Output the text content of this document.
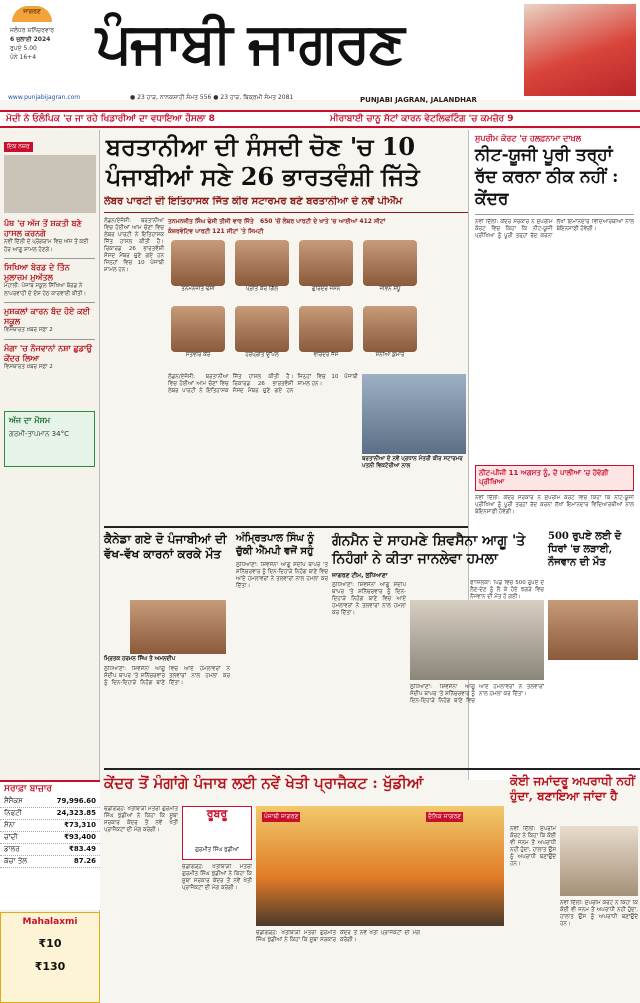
ਜਾਗਰਣ
ਜਲੰਧਰ ਸ਼ਨਿੱਚਰਵਾਰ
6 ਜੁਲਾਈ 2024
ਰੁਪਏ 5.00
ਪੰਨੇ 16+4	ਪੰਜਾਬੀ ਜਾਗਰਣ
www.punjabijagran.com	● 23 ਹਾੜ, ਨਾਨਕਸ਼ਾਹੀ ਸੰਮਤ 556 ● 23 ਹਾੜ, ਬਿਕ੍ਰਮੀ ਸੰਮਤ 2081	PUNJABI JAGRAN, JALANDHAR
ਮੋਦੀ ਨੇ ਓਲੰਪਿਕ 'ਚ ਜਾ ਰਹੇ ਖਿਡਾਰੀਆਂ ਦਾ ਵਧਾਇਆ ਹੌਸਲਾ 8	ਮੀਰਾਬਾਈ ਚਾਨੂ ਸੱਟਾਂ ਕਾਰਨ ਵੇਟਲਿਫਟਿੰਗ 'ਚ ਕਮਜ਼ੋਰ 9
ਇਕ ਨਜ਼ਰ
ਪੰਥ 'ਚ ਅੱਜ ਤੋਂ ਸ਼ਕਤੀ ਬਣੇ ਹਾਸਲ ਕਰਨਗੇ
ਨਵੀਂ ਦਿੱਲੀ ਦੇ ਪ੍ਰੋਗਰਾਮ ਵਿਚ ਅੱਜ ਤੋਂ ਕਈ ਹੋਰ ਆਗੂ ਸ਼ਾਮਲ ਹੋਣਗੇ।
ਸਿਖਿਆ ਬੋਰਡ ਦੇ ਤਿੰਨ ਮੁਲਾਜ਼ਮ ਮੁਅੱਤਲ
ਮੋਹਾਲੀ: ਪੰਜਾਬ ਸਕੂਲ ਸਿੱਖਿਆ ਬੋਰਡ ਨੇ ਲਾਪਰਵਾਹੀ ਦੇ ਦੋਸ਼ ਹੇਠ ਕਾਰਵਾਈ ਕੀਤੀ।
ਮੁਸ਼ਕਲਾਂ ਕਾਰਨ ਬੰਦ ਹੋਏ ਕਈ ਸਕੂਲ
ਵਿਸਥਾਰਤ ਖ਼ਬਰ ਸਫ਼ਾ 2
ਮੰਗਾ 'ਚ ਨੌਜਵਾਨਾਂ ਨਸ਼ਾ ਛੁਡਾਉ ਕੇਂਦਰ ਲਿਆ
ਵਿਸਥਾਰਤ ਖ਼ਬਰ ਸਫ਼ਾ 2
ਅੱਜ ਦਾ ਮੌਸਮ
ਗਰਮੀ-ਤਾਪਮਾਨ 34°C
ਸਰਾਫ਼ਾ ਬਾਜ਼ਾਰ
ਸੈਂਸੈਕਸ	79,996.60
ਨਿਫਟੀ	24,323.85
ਸੋਨਾ	₹73,310
ਚਾਂਦੀ	₹93,400
ਡਾਲਰ	₹83.49
ਕੱਚਾ ਤੇਲ	87.26
Mahalaxmi
₹10
₹130
ਬਰਤਾਨੀਆ ਦੀ ਸੰਸਦੀ ਚੋਣ 'ਚ 10
ਪੰਜਾਬੀਆਂ ਸਣੇ 26 ਭਾਰਤਵੰਸ਼ੀ ਜਿੱਤੇ
ਲੇਬਰ ਪਾਰਟੀ ਦੀ ਇਤਿਹਾਸਕ ਜਿੱਤ ਕੀਰ ਸਟਾਰਮਰ ਬਣੇ ਬਰਤਾਨੀਆ ਦੇ ਨਵੇਂ ਪੀਐੱਮ
ਲੰਡਨ/ਏਜੰਸੀ: ਬਰਤਾਨੀਆ ਵਿਚ ਹੋਈਆਂ ਆਮ ਚੋਣਾਂ ਵਿਚ ਲੇਬਰ ਪਾਰਟੀ ਨੇ ਇਤਿਹਾਸਕ ਜਿੱਤ ਹਾਸਲ ਕੀਤੀ ਹੈ। ਰਿਕਾਰਡ 26 ਭਾਰਤਵੰਸ਼ੀ ਸੰਸਦ ਮੈਂਬਰ ਚੁਣੇ ਗਏ ਹਨ ਜਿਨ੍ਹਾਂ ਵਿਚ 10 ਪੰਜਾਬੀ ਸ਼ਾਮਲ ਹਨ।
ਤਨਮਨਜੀਤ ਸਿੰਘ ਢੇਸੀ ਤੀਜੀ ਵਾਰ ਜਿੱਤੇ 650 'ਚੋਂ ਲੇਬਰ ਪਾਰਟੀ ਦੇ ਖਾਤੇ 'ਚ ਆਈਆਂ 412 ਸੀਟਾਂ
ਕੰਜ਼ਰਵੇਟਿਵ ਪਾਰਟੀ 121 ਸੀਟਾਂ 'ਤੇ ਸਿਮਟੀ
ਤਨਮਨਜੀਤ ਢੇਸੀ	ਪ੍ਰੀਤ ਕੌਰ ਗਿੱਲ	ਗੁਰਿੰਦਰ ਜੋਸਨ	ਜੀਵਨ ਸੰਧੂ
ਸਤਵੀਰ ਕੌਰ	ਹਰਪ੍ਰੀਤ ਉੱਪਲ	ਵਰਿੰਦਰ ਜੱਸ	ਸੋਨੀਆ ਕੁਮਾਰ
ਲੰਡਨ/ਏਜੰਸੀ: ਬਰਤਾਨੀਆ ਵਿਚ ਹੋਈਆਂ ਆਮ ਚੋਣਾਂ ਵਿਚ ਲੇਬਰ ਪਾਰਟੀ ਨੇ ਇਤਿਹਾਸਕ ਜਿੱਤ ਹਾਸਲ ਕੀਤੀ ਹੈ। ਰਿਕਾਰਡ 26 ਭਾਰਤਵੰਸ਼ੀ ਸੰਸਦ ਮੈਂਬਰ ਚੁਣੇ ਗਏ ਹਨ ਜਿਨ੍ਹਾਂ ਵਿਚ 10 ਪੰਜਾਬੀ ਸ਼ਾਮਲ ਹਨ।
ਬਰਤਾਨੀਆ ਦੇ ਨਵੇਂ ਪ੍ਰਧਾਨ ਮੰਤਰੀ ਕੀਰ ਸਟਾਰਮਰ ਪਤਨੀ ਵਿਕਟੋਰੀਆ ਨਾਲ
ਸੁਪਰੀਮ ਕੋਰਟ 'ਚ ਹਲਫ਼ਨਾਮਾ ਦਾਖ਼ਲ
ਨੀਟ-ਯੂਜੀ ਪੂਰੀ ਤਰ੍ਹਾਂ ਰੱਦ ਕਰਨਾ ਠੀਕ ਨਹੀਂ : ਕੇਂਦਰ
ਨਵੀਂ ਦਿੱਲੀ: ਕੇਂਦਰ ਸਰਕਾਰ ਨੇ ਸੁਪਰੀਮ ਕੋਰਟ ਵਿਚ ਕਿਹਾ ਕਿ ਨੀਟ-ਯੂਜੀ ਪ੍ਰੀਖਿਆ ਨੂੰ ਪੂਰੀ ਤਰ੍ਹਾਂ ਰੱਦ ਕਰਨਾ ਲੱਖਾਂ ਇਮਾਨਦਾਰ ਵਿਦਿਆਰਥੀਆਂ ਨਾਲ ਬੇਇਨਸਾਫ਼ੀ ਹੋਵੇਗੀ।
ਨੀਟ-ਪੀਜੀ 11 ਅਗਸਤ ਨੂੰ, ਦੋ ਪਾਲੀਆਂ 'ਚ ਹੋਵੇਗੀ ਪ੍ਰੀਖਿਆ
ਨਵੀਂ ਦਿੱਲੀ: ਕੇਂਦਰ ਸਰਕਾਰ ਨੇ ਸੁਪਰੀਮ ਕੋਰਟ ਵਿਚ ਕਿਹਾ ਕਿ ਨੀਟ-ਯੂਜੀ ਪ੍ਰੀਖਿਆ ਨੂੰ ਪੂਰੀ ਤਰ੍ਹਾਂ ਰੱਦ ਕਰਨਾ ਲੱਖਾਂ ਇਮਾਨਦਾਰ ਵਿਦਿਆਰਥੀਆਂ ਨਾਲ ਬੇਇਨਸਾਫ਼ੀ ਹੋਵੇਗੀ।
500 ਰੁਪਏ ਲਈ ਦੋ ਧਿਰਾਂ 'ਚ ਲੜਾਈ, ਨੌਜਵਾਨ ਦੀ ਮੌਤ
ਫਾਜ਼ਿਲਕਾ: ਪਿੰਡ ਵਿਚ 500 ਰੁਪਏ ਦੇ ਲੈਣ-ਦੇਣ ਨੂੰ ਲੈ ਕੇ ਹੋਏ ਝਗੜੇ ਵਿਚ ਨੌਜਵਾਨ ਦੀ ਮੌਤ ਹੋ ਗਈ।
ਕੈਨੇਡਾ ਗਏ ਦੋ ਪੰਜਾਬੀਆਂ ਦੀ ਵੱਖ-ਵੱਖ ਕਾਰਨਾਂ ਕਰਕੇ ਮੌਤ
ਮ੍ਰਿਤਕ ਹਰਮਨ ਸਿੰਘ ਤੇ ਅਮਨਦੀਪ
ਲੁਧਿਆਣਾ: ਸ਼ਿਵਸੈਨਾ ਆਗੂ ਸੰਦੀਪ ਥਾਪਰ 'ਤੇ ਸ਼ਨਿੱਚਰਵਾਰ ਨੂੰ ਦਿਨ-ਦਿਹਾੜੇ ਨਿਹੰਗ ਬਾਣੇ ਵਿਚ ਆਏ ਹਮਲਾਵਰਾਂ ਨੇ ਤਲਵਾਰਾਂ ਨਾਲ ਹਮਲਾ ਕਰ ਦਿੱਤਾ।
ਅੰਮ੍ਰਿਤਪਾਲ ਸਿੰਘ ਨੂੰ ਚੁੱਕੀ ਐੱਮਪੀ ਵਜੋਂ ਸਹੁੰ
ਲੁਧਿਆਣਾ: ਸ਼ਿਵਸੈਨਾ ਆਗੂ ਸੰਦੀਪ ਥਾਪਰ 'ਤੇ ਸ਼ਨਿੱਚਰਵਾਰ ਨੂੰ ਦਿਨ-ਦਿਹਾੜੇ ਨਿਹੰਗ ਬਾਣੇ ਵਿਚ ਆਏ ਹਮਲਾਵਰਾਂ ਨੇ ਤਲਵਾਰਾਂ ਨਾਲ ਹਮਲਾ ਕਰ ਦਿੱਤਾ।
ਗੰਨਮੈਨ ਦੇ ਸਾਹਮਣੇ ਸ਼ਿਵਸੈਨਾ ਆਗੂ 'ਤੇ ਨਿਹੰਗਾਂ ਨੇ ਕੀਤਾ ਜਾਨਲੇਵਾ ਹਮਲਾ
ਜਾਗਰਣ ਟੀਮ, ਲੁਧਿਆਣਾ
ਲੁਧਿਆਣਾ: ਸ਼ਿਵਸੈਨਾ ਆਗੂ ਸੰਦੀਪ ਥਾਪਰ 'ਤੇ ਸ਼ਨਿੱਚਰਵਾਰ ਨੂੰ ਦਿਨ-ਦਿਹਾੜੇ ਨਿਹੰਗ ਬਾਣੇ ਵਿਚ ਆਏ ਹਮਲਾਵਰਾਂ ਨੇ ਤਲਵਾਰਾਂ ਨਾਲ ਹਮਲਾ ਕਰ ਦਿੱਤਾ।
ਲੁਧਿਆਣਾ: ਸ਼ਿਵਸੈਨਾ ਆਗੂ ਸੰਦੀਪ ਥਾਪਰ 'ਤੇ ਸ਼ਨਿੱਚਰਵਾਰ ਨੂੰ ਦਿਨ-ਦਿਹਾੜੇ ਨਿਹੰਗ ਬਾਣੇ ਵਿਚ ਆਏ ਹਮਲਾਵਰਾਂ ਨੇ ਤਲਵਾਰਾਂ ਨਾਲ ਹਮਲਾ ਕਰ ਦਿੱਤਾ।
ਕੇਂਦਰ ਤੋਂ ਮੰਗਾਂਗੇ ਪੰਜਾਬ ਲਈ ਨਵੇਂ ਖੇਤੀ ਪ੍ਰਾਜੈਕਟ : ਖੁੱਡੀਆਂ
ਚੰਡੀਗੜ੍ਹ: ਖੇਤੀਬਾੜੀ ਮੰਤਰੀ ਗੁਰਮੀਤ ਸਿੰਘ ਖੁੱਡੀਆਂ ਨੇ ਕਿਹਾ ਕਿ ਸੂਬਾ ਸਰਕਾਰ ਕੇਂਦਰ ਤੋਂ ਨਵੇਂ ਖੇਤੀ ਪ੍ਰਾਜੈਕਟਾਂ ਦੀ ਮੰਗ ਕਰੇਗੀ।
ਰੂਬਰੂ
ਗੁਰਮੀਤ ਸਿੰਘ ਖੁੱਡੀਆਂ
ਪੰਜਾਬੀ ਜਾਗਰਣ	ਦੈਨਿਕ ਜਾਗਰਣ
ਚੰਡੀਗੜ੍ਹ: ਖੇਤੀਬਾੜੀ ਮੰਤਰੀ ਗੁਰਮੀਤ ਸਿੰਘ ਖੁੱਡੀਆਂ ਨੇ ਕਿਹਾ ਕਿ ਸੂਬਾ ਸਰਕਾਰ ਕੇਂਦਰ ਤੋਂ ਨਵੇਂ ਖੇਤੀ ਪ੍ਰਾਜੈਕਟਾਂ ਦੀ ਮੰਗ ਕਰੇਗੀ।
ਚੰਡੀਗੜ੍ਹ: ਖੇਤੀਬਾੜੀ ਮੰਤਰੀ ਗੁਰਮੀਤ ਸਿੰਘ ਖੁੱਡੀਆਂ ਨੇ ਕਿਹਾ ਕਿ ਸੂਬਾ ਸਰਕਾਰ ਕੇਂਦਰ ਤੋਂ ਨਵੇਂ ਖੇਤੀ ਪ੍ਰਾਜੈਕਟਾਂ ਦੀ ਮੰਗ ਕਰੇਗੀ।
ਕੋਈ ਜਮਾਂਦਰੂ ਅਪਰਾਧੀ ਨਹੀਂ ਹੁੰਦਾ, ਬਣਾਇਆ ਜਾਂਦਾ ਹੈ
ਨਵੀਂ ਦਿੱਲੀ: ਸੁਪਰੀਮ ਕੋਰਟ ਨੇ ਕਿਹਾ ਕਿ ਕੋਈ ਵੀ ਜਨਮ ਤੋਂ ਅਪਰਾਧੀ ਨਹੀਂ ਹੁੰਦਾ, ਹਾਲਾਤ ਉਸ ਨੂੰ ਅਪਰਾਧੀ ਬਣਾਉਂਦੇ ਹਨ।
ਨਵੀਂ ਦਿੱਲੀ: ਸੁਪਰੀਮ ਕੋਰਟ ਨੇ ਕਿਹਾ ਕਿ ਕੋਈ ਵੀ ਜਨਮ ਤੋਂ ਅਪਰਾਧੀ ਨਹੀਂ ਹੁੰਦਾ, ਹਾਲਾਤ ਉਸ ਨੂੰ ਅਪਰਾਧੀ ਬਣਾਉਂਦੇ ਹਨ।
